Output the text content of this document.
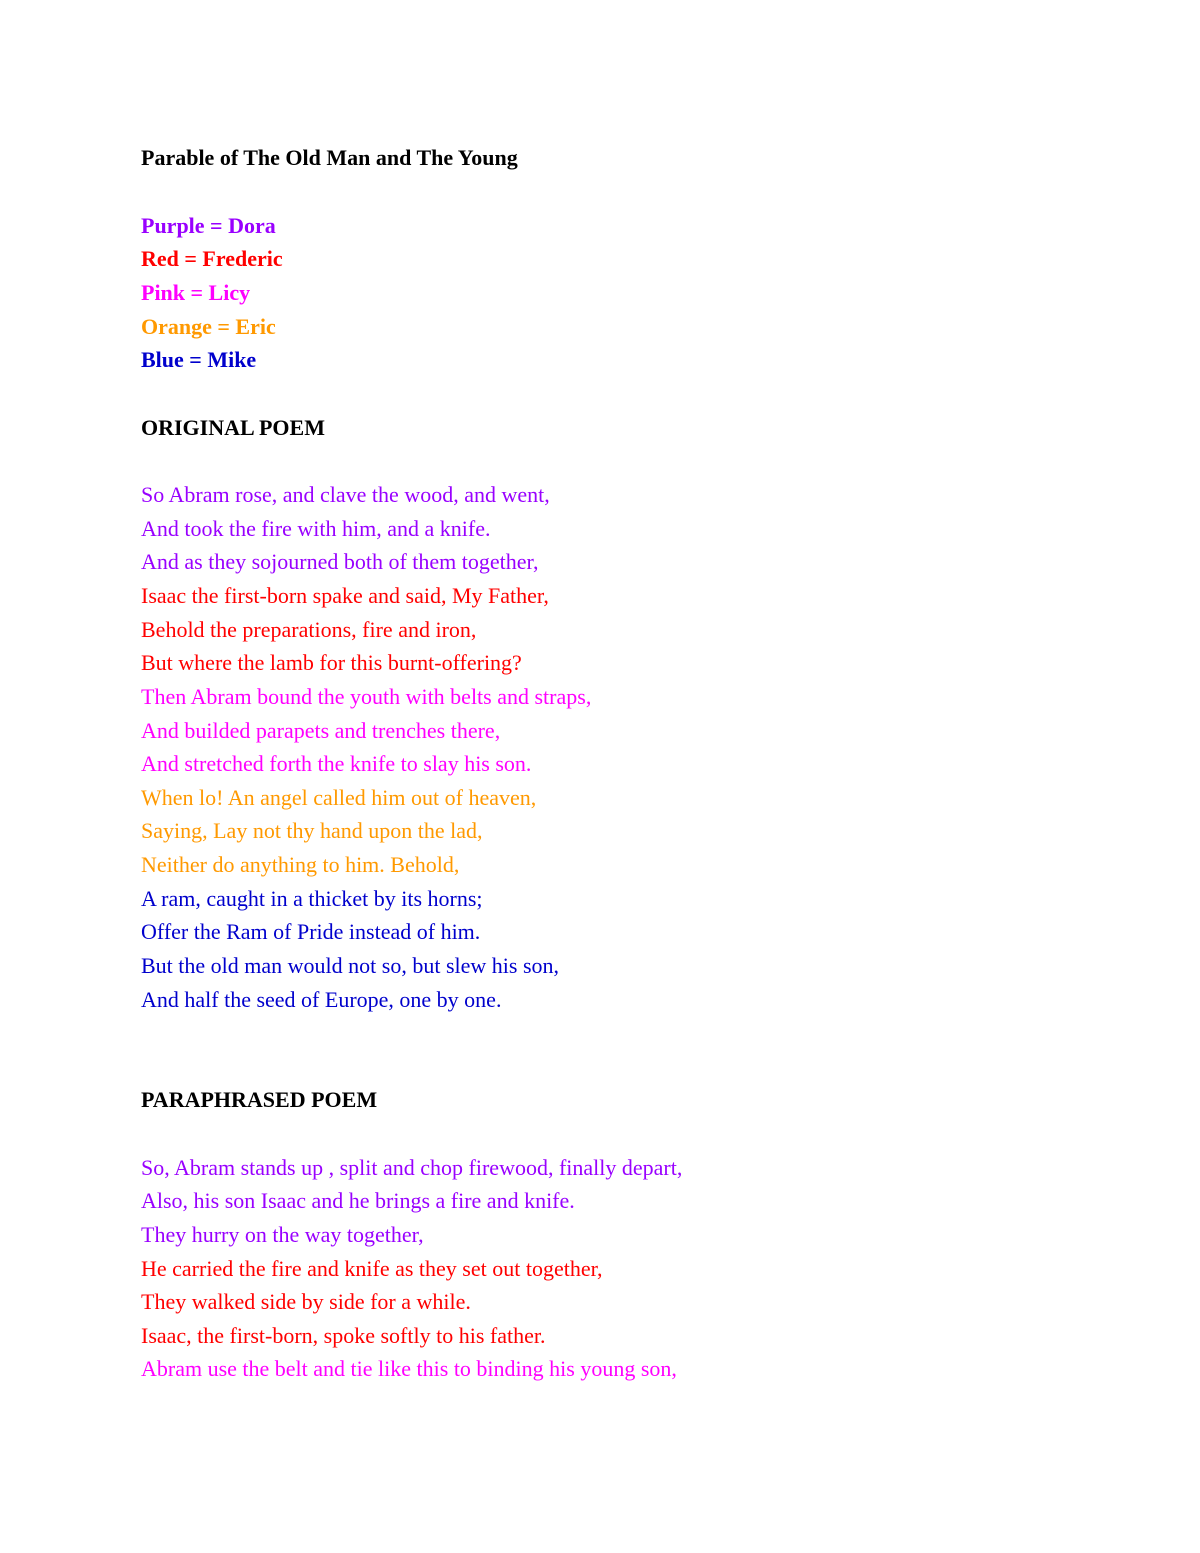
Parable of The Old Man and The Young
Purple = Dora
Red = Frederic
Pink = Licy
Orange = Eric
Blue = Mike
ORIGINAL POEM
So Abram rose, and clave the wood, and went,
And took the fire with him, and a knife.
And as they sojourned both of them together,
Isaac the first-born spake and said, My Father,
Behold the preparations, fire and iron,
But where the lamb for this burnt-offering?
Then Abram bound the youth with belts and straps,
And builded parapets and trenches there,
And stretched forth the knife to slay his son.
When lo! An angel called him out of heaven,
Saying, Lay not thy hand upon the lad,
Neither do anything to him. Behold,
A ram, caught in a thicket by its horns;
Offer the Ram of Pride instead of him.
But the old man would not so, but slew his son,
And half the seed of Europe, one by one.
PARAPHRASED POEM
So, Abram stands up , split and chop firewood, finally depart,
Also, his son Isaac and he brings a fire and knife.
They hurry on the way together,
He carried the fire and knife as they set out together,
They walked side by side for a while.
Isaac, the first-born, spoke softly to his father.
Abram use the belt and tie like this to binding his young son,
